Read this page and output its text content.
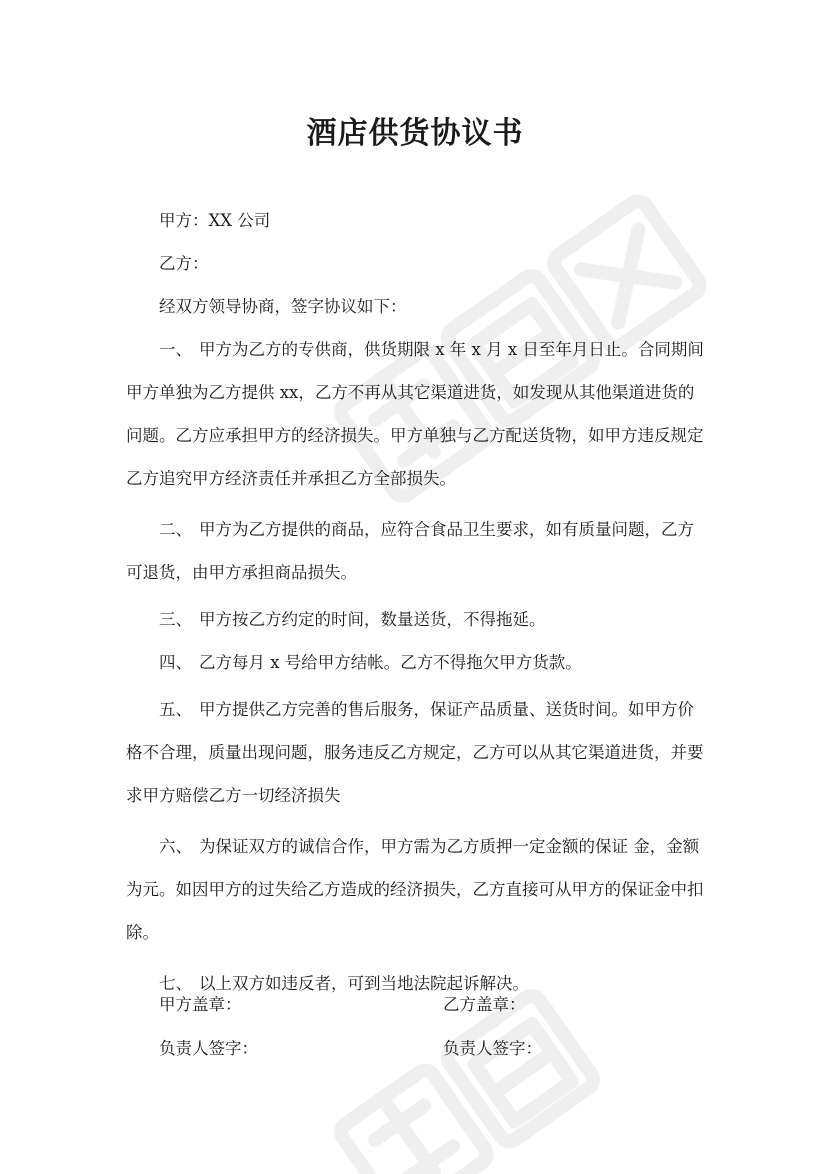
酒店供货协议书
甲方：XX 公司
乙方：
经双方领导协商，签字协议如下：
一、 甲方为乙方的专供商，供货期限 x 年 x 月 x 日至年月日止。合同期间
甲方单独为乙方提供 xx，乙方不再从其它渠道进货，如发现从其他渠道进货的
问题。乙方应承担甲方的经济损失。甲方单独与乙方配送货物，如甲方违反规定
乙方追究甲方经济责任并承担乙方全部损失。
二、 甲方为乙方提供的商品，应符合食品卫生要求，如有质量问题，乙方
可退货，由甲方承担商品损失。
三、 甲方按乙方约定的时间，数量送货，不得拖延。
四、 乙方每月 x 号给甲方结帐。乙方不得拖欠甲方货款。
五、 甲方提供乙方完善的售后服务，保证产品质量、送货时间。如甲方价
格不合理，质量出现问题，服务违反乙方规定，乙方可以从其它渠道进货，并要
求甲方赔偿乙方一切经济损失
六、 为保证双方的诚信合作，甲方需为乙方质押一定金额的保证 金，金额
为元。如因甲方的过失给乙方造成的经济损失，乙方直接可从甲方的保证金中扣
除。
七、 以上双方如违反者，可到当地法院起诉解决。
甲方盖章：	乙方盖章：
负责人签字：	负责人签字：
